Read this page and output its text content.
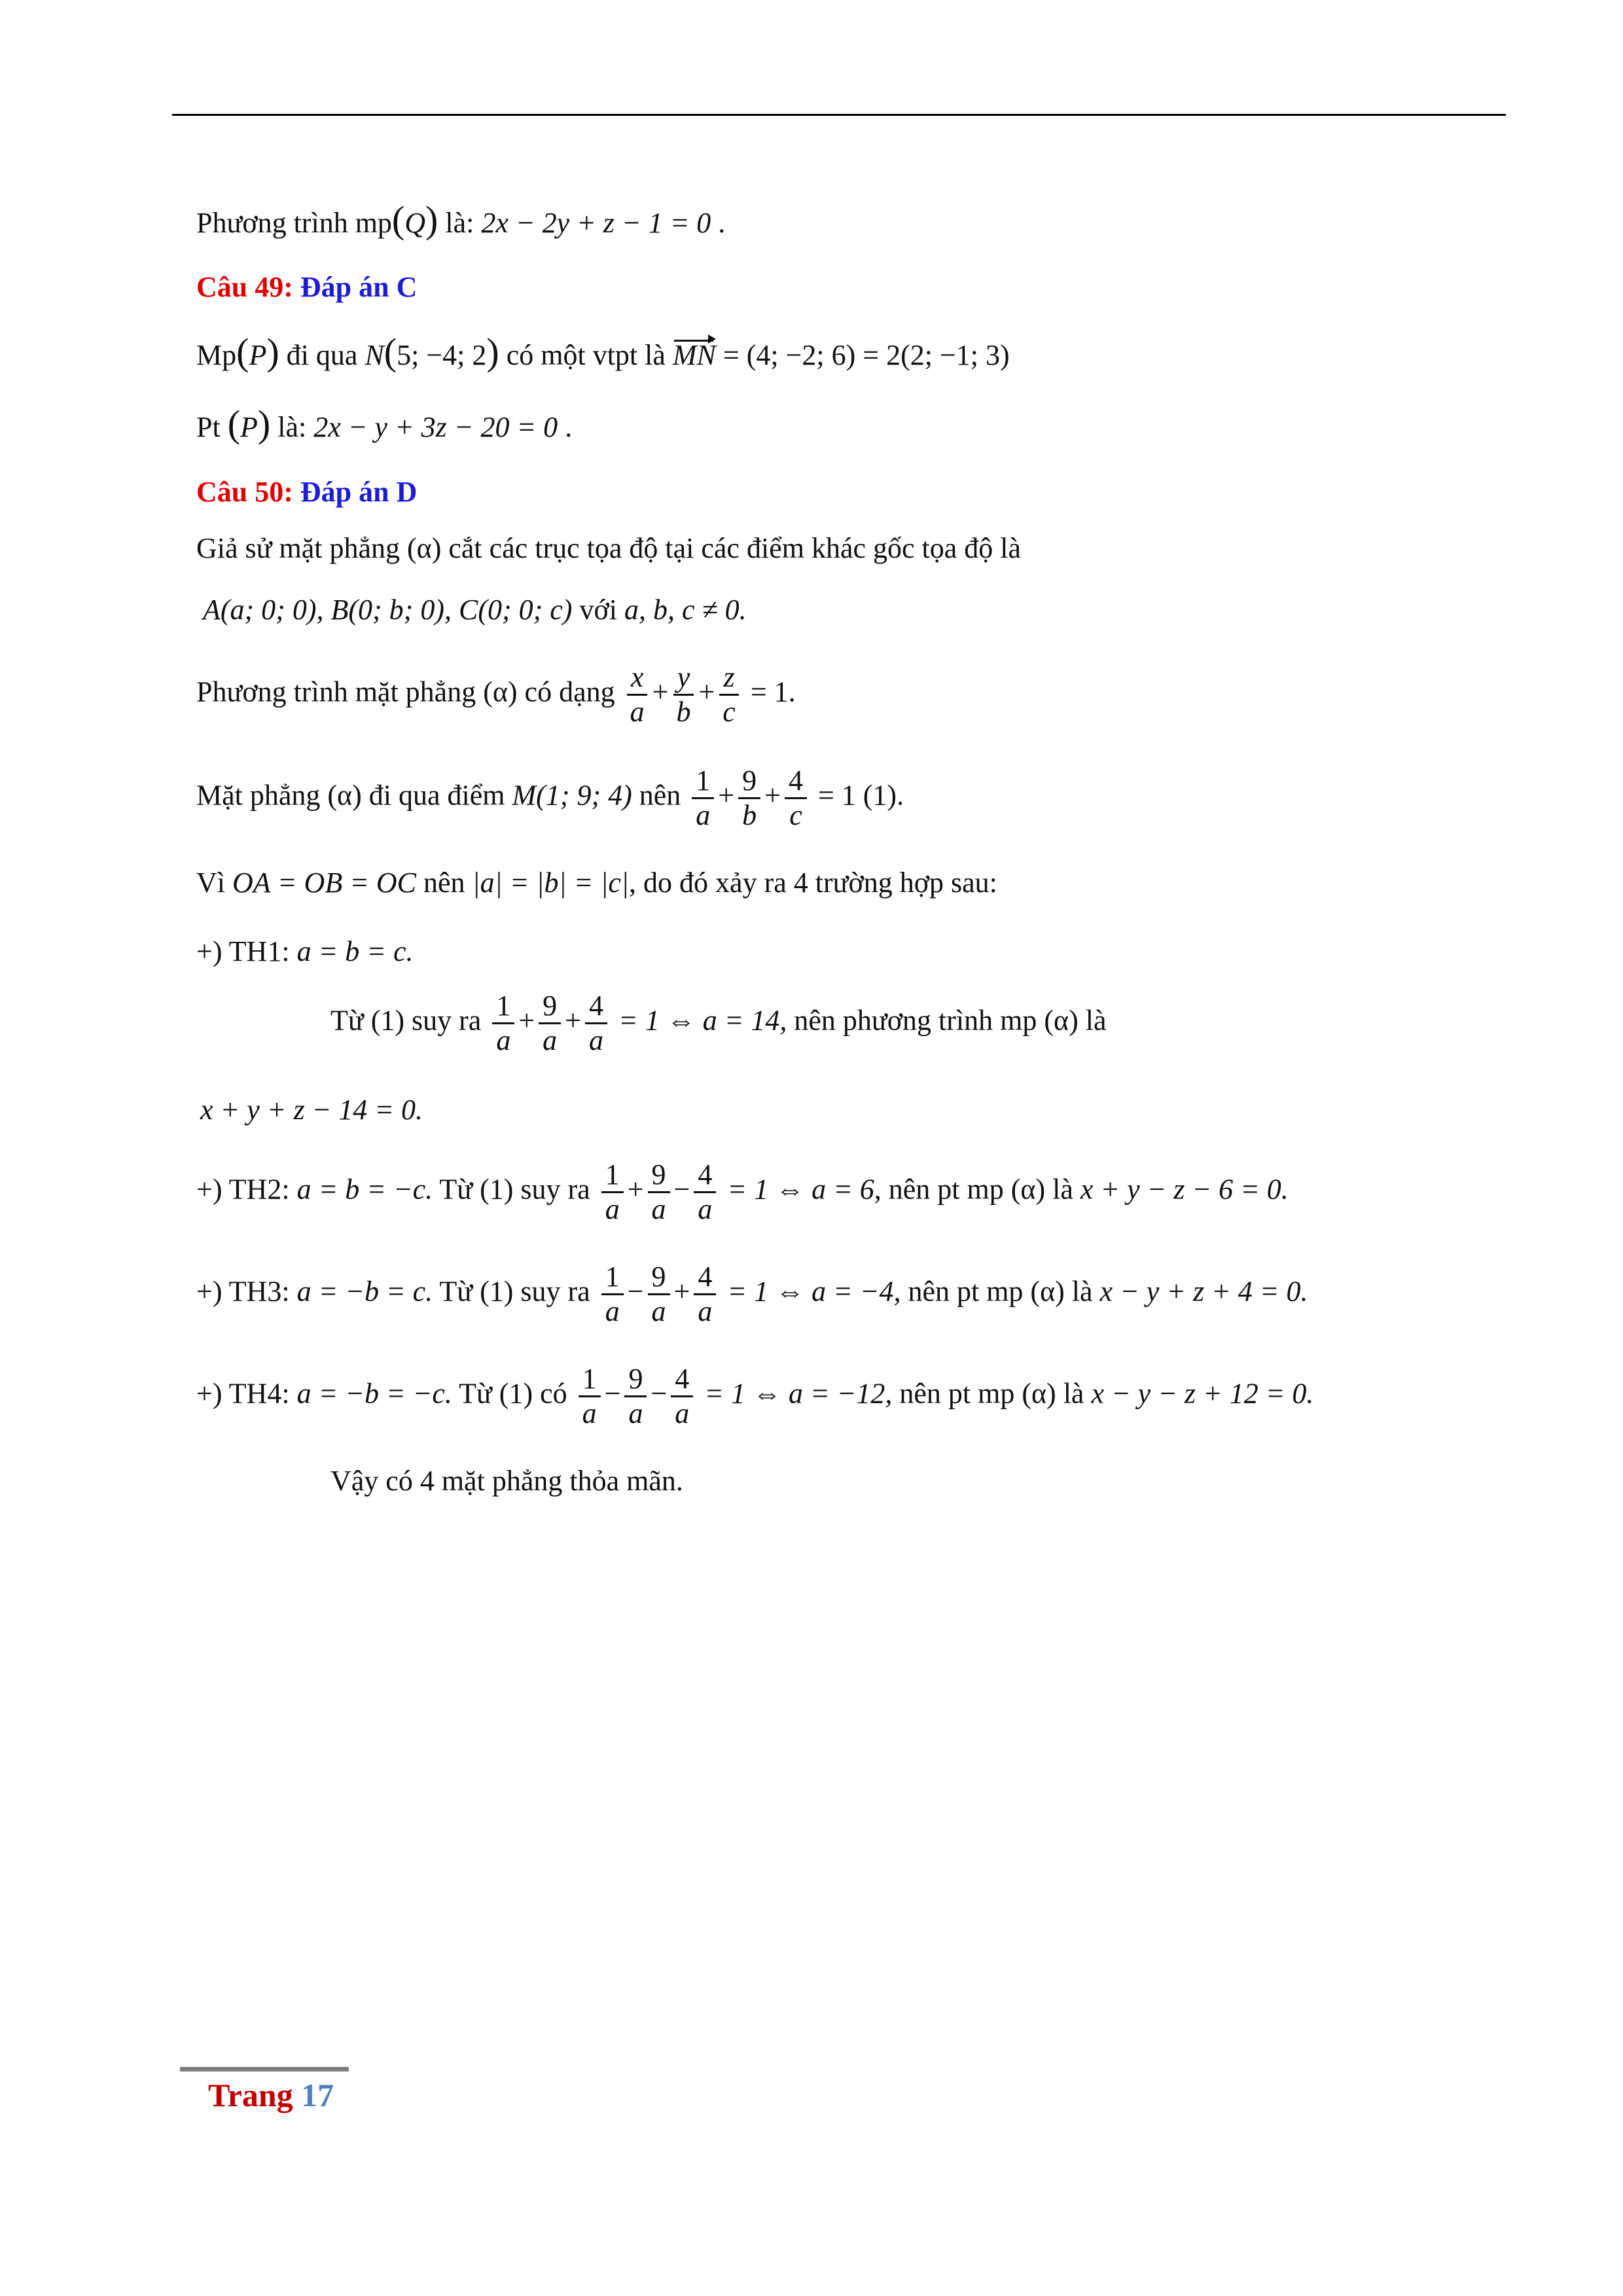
Phương trình mp(Q) là: 2x − 2y + z − 1 = 0 .
Câu 49: Đáp án C
Mp(P) đi qua N(5; −4; 2) có một vtpt là MN = (4; −2; 6) = 2(2; −1; 3)
Pt (P) là: 2x − y + 3z − 20 = 0 .
Câu 50: Đáp án D
Giả sử mặt phẳng (α) cắt các trục tọa độ tại các điểm khác gốc tọa độ là
A(a; 0; 0), B(0; b; 0), C(0; 0; c) với a, b, c ≠ 0.
Phương trình mặt phẳng (α) có dạng $\frac{x}{a} + \frac{y}{b} + \frac{z}{c} = 1$.
Mặt phẳng (α) đi qua điểm M(1; 9; 4) nên $\frac{1}{a} + \frac{9}{b} + \frac{4}{c} = 1$ (1).
Vì OA = OB = OC nên |a| = |b| = |c|, do đó xảy ra 4 trường hợp sau:
+) TH1: a = b = c.
Từ (1) suy ra $\frac{1}{a} + \frac{9}{a} + \frac{4}{a} = 1$ ⇔ a = 14, nên phương trình mp (α) là
x + y + z − 14 = 0.
+) TH2: a = b = −c. Từ (1) suy ra $\frac{1}{a} + \frac{9}{a} - \frac{4}{a} = 1$ ⇔ a = 6, nên pt mp (α) là x + y − z − 6 = 0.
+) TH3: a = −b = c. Từ (1) suy ra $\frac{1}{a} - \frac{9}{a} + \frac{4}{a} = 1$ ⇔ a = −4, nên pt mp (α) là x − y + z + 4 = 0.
+) TH4: a = −b = −c. Từ (1) có $\frac{1}{a} - \frac{9}{a} - \frac{4}{a} = 1$ ⇔ a = −12, nên pt mp (α) là x − y − z + 12 = 0.
Vậy có 4 mặt phẳng thỏa mãn.
Trang 17
